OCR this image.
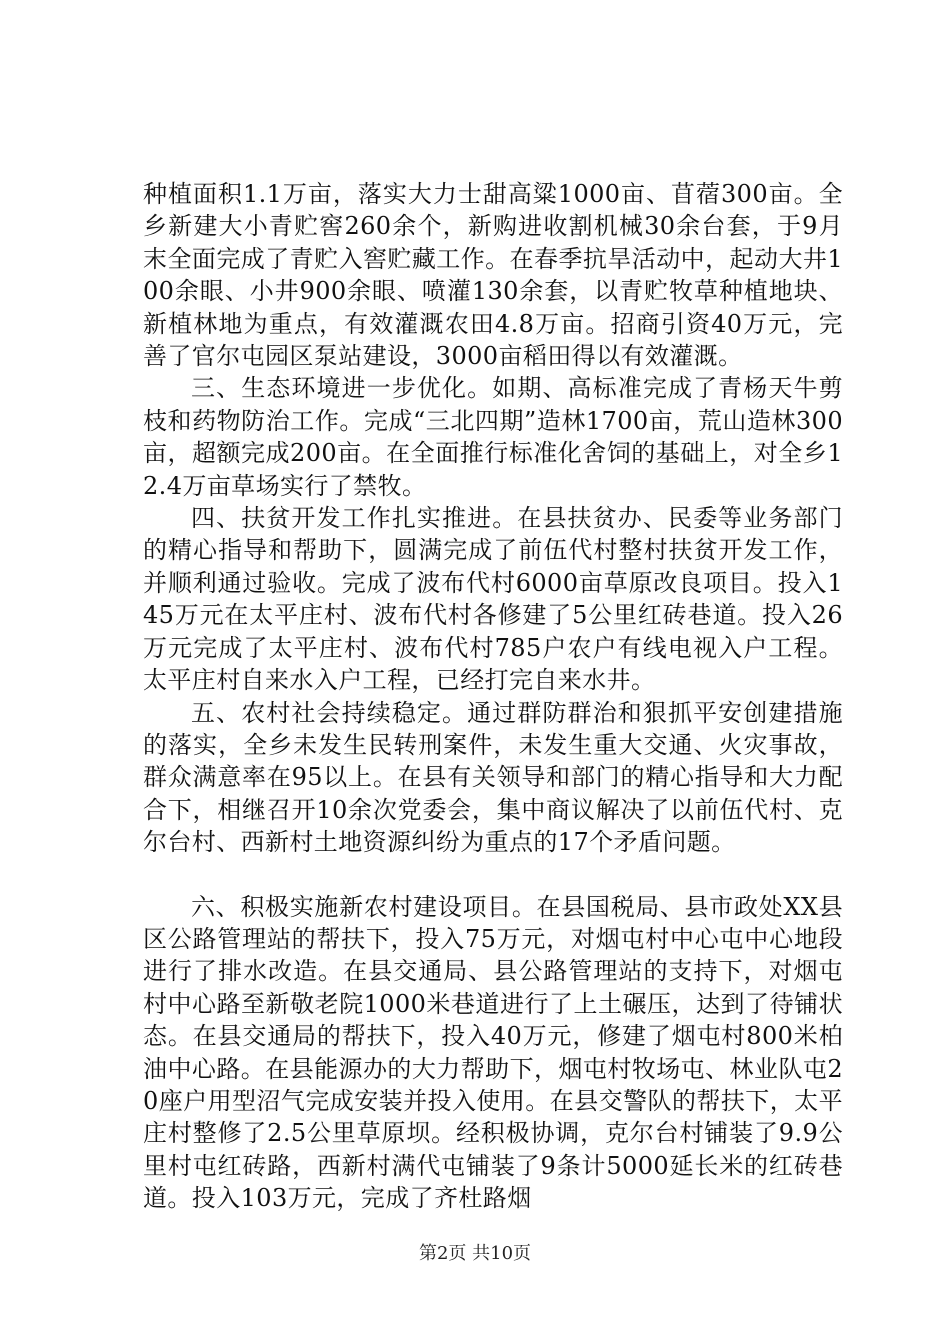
种植面积1.1万亩，落实大力士甜高粱1000亩、苜蓿300亩。全乡新建大小青贮窖260余个，新购进收割机械30余台套，于9月末全面完成了青贮入窖贮藏工作。在春季抗旱活动中，起动大井100余眼、小井900余眼、喷灌130余套，以青贮牧草种植地块、新植林地为重点，有效灌溉农田4.8万亩。招商引资40万元，完善了官尔屯园区泵站建设，3000亩稻田得以有效灌溉。

三、生态环境进一步优化。如期、高标准完成了青杨天牛剪枝和药物防治工作。完成“三北四期”造林1700亩，荒山造林300亩，超额完成200亩。在全面推行标准化舍饲的基础上，对全乡12.4万亩草场实行了禁牧。

四、扶贫开发工作扎实推进。在县扶贫办、民委等业务部门的精心指导和帮助下，圆满完成了前伍代村整村扶贫开发工作，并顺利通过验收。完成了波布代村6000亩草原改良项目。投入145万元在太平庄村、波布代村各修建了5公里红砖巷道。投入26万元完成了太平庄村、波布代村785户农户有线电视入户工程。太平庄村自来水入户工程，已经打完自来水井。

五、农村社会持续稳定。通过群防群治和狠抓平安创建措施的落实，全乡未发生民转刑案件，未发生重大交通、火灾事故，群众满意率在95以上。在县有关领导和部门的精心指导和大力配合下，相继召开10余次党委会，集中商议解决了以前伍代村、克尔台村、西新村土地资源纠纷为重点的17个矛盾问题。

六、积极实施新农村建设项目。在县国税局、县市政处XX县区公路管理站的帮扶下，投入75万元，对烟屯村中心屯中心地段进行了排水改造。在县交通局、县公路管理站的支持下，对烟屯村中心路至新敬老院1000米巷道进行了上土碾压，达到了待铺状态。在县交通局的帮扶下，投入40万元，修建了烟屯村800米柏油中心路。在县能源办的大力帮助下，烟屯村牧场屯、林业队屯20座户用型沼气完成安装并投入使用。在县交警队的帮扶下，太平庄村整修了2.5公里草原坝。经积极协调，克尔台村铺装了9.9公里村屯红砖路，西新村满代屯铺装了9条计5000延长米的红砖巷道。投入103万元，完成了齐杜路烟

第2页 共10页
